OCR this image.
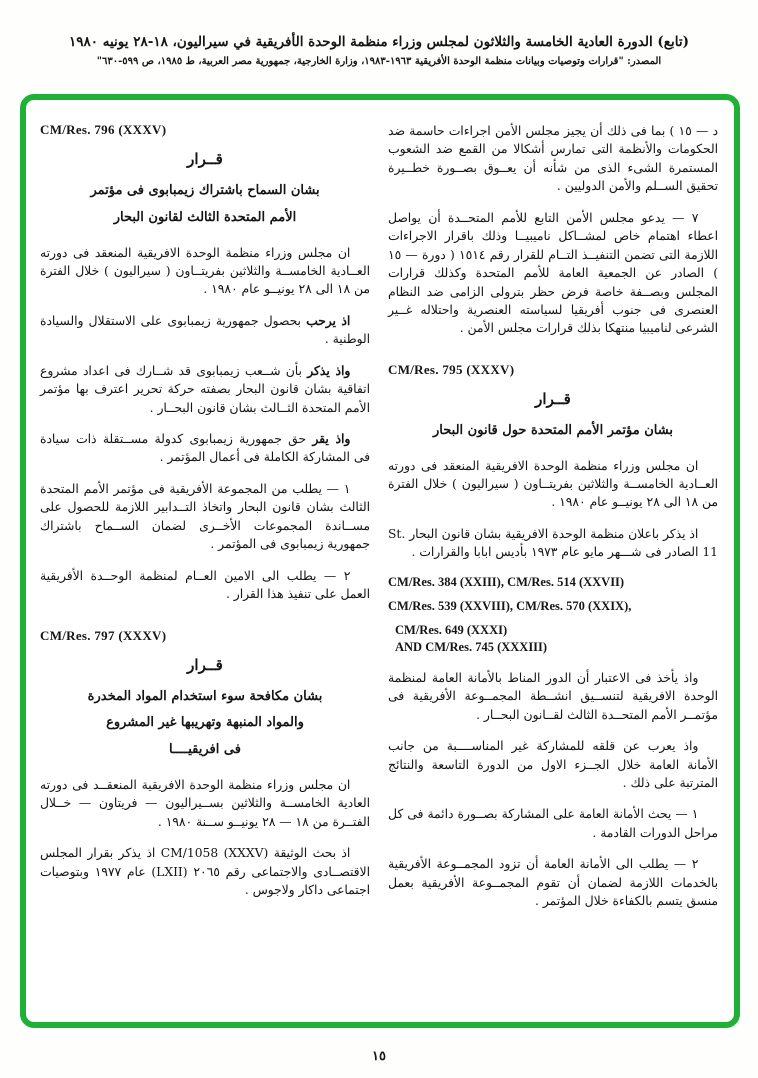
(تابع) الدورة العادية الخامسة والثلاثون لمجلس وزراء منظمة الوحدة الأفريقية في سيراليون، ١٨-٢٨ يونيه ١٩٨٠
المصدر: "قرارات وتوصيات وبيانات منظمة الوحدة الأفريقية ١٩٦٣-١٩٨٣، وزارة الخارجية، جمهورية مصر العربية، ط ١٩٨٥، ص ٥٩٩-٦٣٠"

د — ١٥ ) بما فى ذلك أن يجيز مجلس الأمن اجراءات حاسمة ضد الحكومات والأنظمة التى تمارس أشكالا من القمع ضد الشعوب المستمرة الشىء الذى من شأنه أن يعــوق بصــورة خطــيرة تحقيق الســلم والأمن الدوليين .

٧ — يدعو مجلس الأمن التابع للأمم المتحــدة أن يواصل اعطاء اهتمام خاص لمشــاكل ناميبيــا وذلك باقرار الاجراءات اللازمة التى تضمن التنفيــذ التــام للقرار رقم ١٥١٤ ( دورة — ١٥ ) الصادر عن الجمعية العامة للأمم المتحدة وكذلك قرارات المجلس وبصــفة خاصة فرض حظر بترولى الزامى ضد النظام العنصرى فى جنوب أفريقيا لسياسته العنصرية واحتلاله غــير الشرعى لناميبيا منتهكا بذلك قرارات مجلس الأمن .

CM/Res. 795 (XXXV)

قــرار

بشان مؤتمر الأمم المتحدة حول قانون البحار

ان مجلس وزراء منظمة الوحدة الافريقية المنعقد فى دورته العــادية الخامســة والثلاثين بفريتــاون ( سيراليون ) خلال الفترة من ١٨ الى ٢٨ يونيــو عام ١٩٨٠ .

اذ يذكر باعلان منظمة الوحدة الافريقية بشان قانون البحار St. 11 الصادر فى شـــهر مايو عام ١٩٧٣ بأديس ابابا والقرارات .

CM/Res. 384 (XXIII), CM/Res. 514 (XXVII)

CM/Res. 539 (XXVIII), CM/Res. 570 (XXIX),

CM/Res. 649 (XXXI)

AND CM/Res. 745 (XXXIII)

واذ يأخذ فى الاعتبار أن الدور المناط بالأمانة العامة لمنظمة الوحدة الافريقية لتنســيق انشــطة المجمــوعة الأفريقية فى مؤتمــر الأمم المتحــدة الثالث لقــانون البحــار .

واذ يعرب عن قلقه للمشاركة غير المناســــبة من جانب الأمانة العامة خلال الجــزء الاول من الدورة التاسعة والنتائج المترتبة على ذلك .

١ — يحث الأمانة العامة على المشاركة بصــورة دائمة فى كل مراحل الدورات القادمة .

٢ — يطلب الى الأمانة العامة أن تزود المجمــوعة الأفريقية بالخدمات اللازمة لضمان أن تقوم المجمــوعة الأفريقية بعمل منسق يتسم بالكفاءة خلال المؤتمر .

CM/Res. 796 (XXXV)

قــرار

بشان السماح باشتراك زيمبابوى فى مؤتمر

الأمم المتحدة الثالث لقانون البحار

ان مجلس وزراء منظمة الوحدة الافريقية المنعقد فى دورته العــادية الخامســة والثلاثين بفريتــاون ( سيراليون ) خلال الفترة من ١٨ الى ٢٨ يونيــو عام ١٩٨٠ .

اذ يرحب بحصول جمهورية زيمبابوى على الاستقلال والسيادة الوطنية .

واذ يذكر بأن شــعب زيمبابوى قد شــارك فى اعداد مشروع اتفاقية بشان قانون البحار بصفته حركة تحرير اعترف بها مؤتمر الأمم المتحدة الثــالث بشان قانون البحــار .

واذ يقر حق جمهورية زيمبابوى كدولة مســتقلة ذات سيادة فى المشاركة الكاملة فى أعمال المؤتمر .

١ — يطلب من المجموعة الأفريقية فى مؤتمر الأمم المتحدة الثالث بشان قانون البحار واتخاذ التــدابير اللازمة للحصول على مســاندة المجموعات الأخــرى لضمان الســماح باشتراك جمهورية زيمبابوى فى المؤتمر .

٢ — يطلب الى الامين العــام لمنظمة الوحــدة الأفريقية العمل على تنفيذ هذا القرار .

CM/Res. 797 (XXXV)

قــرار

بشان مكافحة سوء استخدام المواد المخدرة

والمواد المنبهة وتهريبها غير المشروع

فى افريقيــــا

ان مجلس وزراء منظمة الوحدة الافريقية المنعقــد فى دورته العادية الخامســة والثلاثين بســيراليون — فريتاون — خــلال الفتــرة من ١٨ — ٢٨ يونيــو ســنة ١٩٨٠ .

اذ بحث الوثيقة CM/1058 (XXXV) اذ يذكر بقرار المجلس الاقتصــادى والاجتماعى رقم ٢٠٦٥ (LXII) عام ١٩٧٧ وبتوصيات اجتماعى داكار ولاجوس .

١٥
